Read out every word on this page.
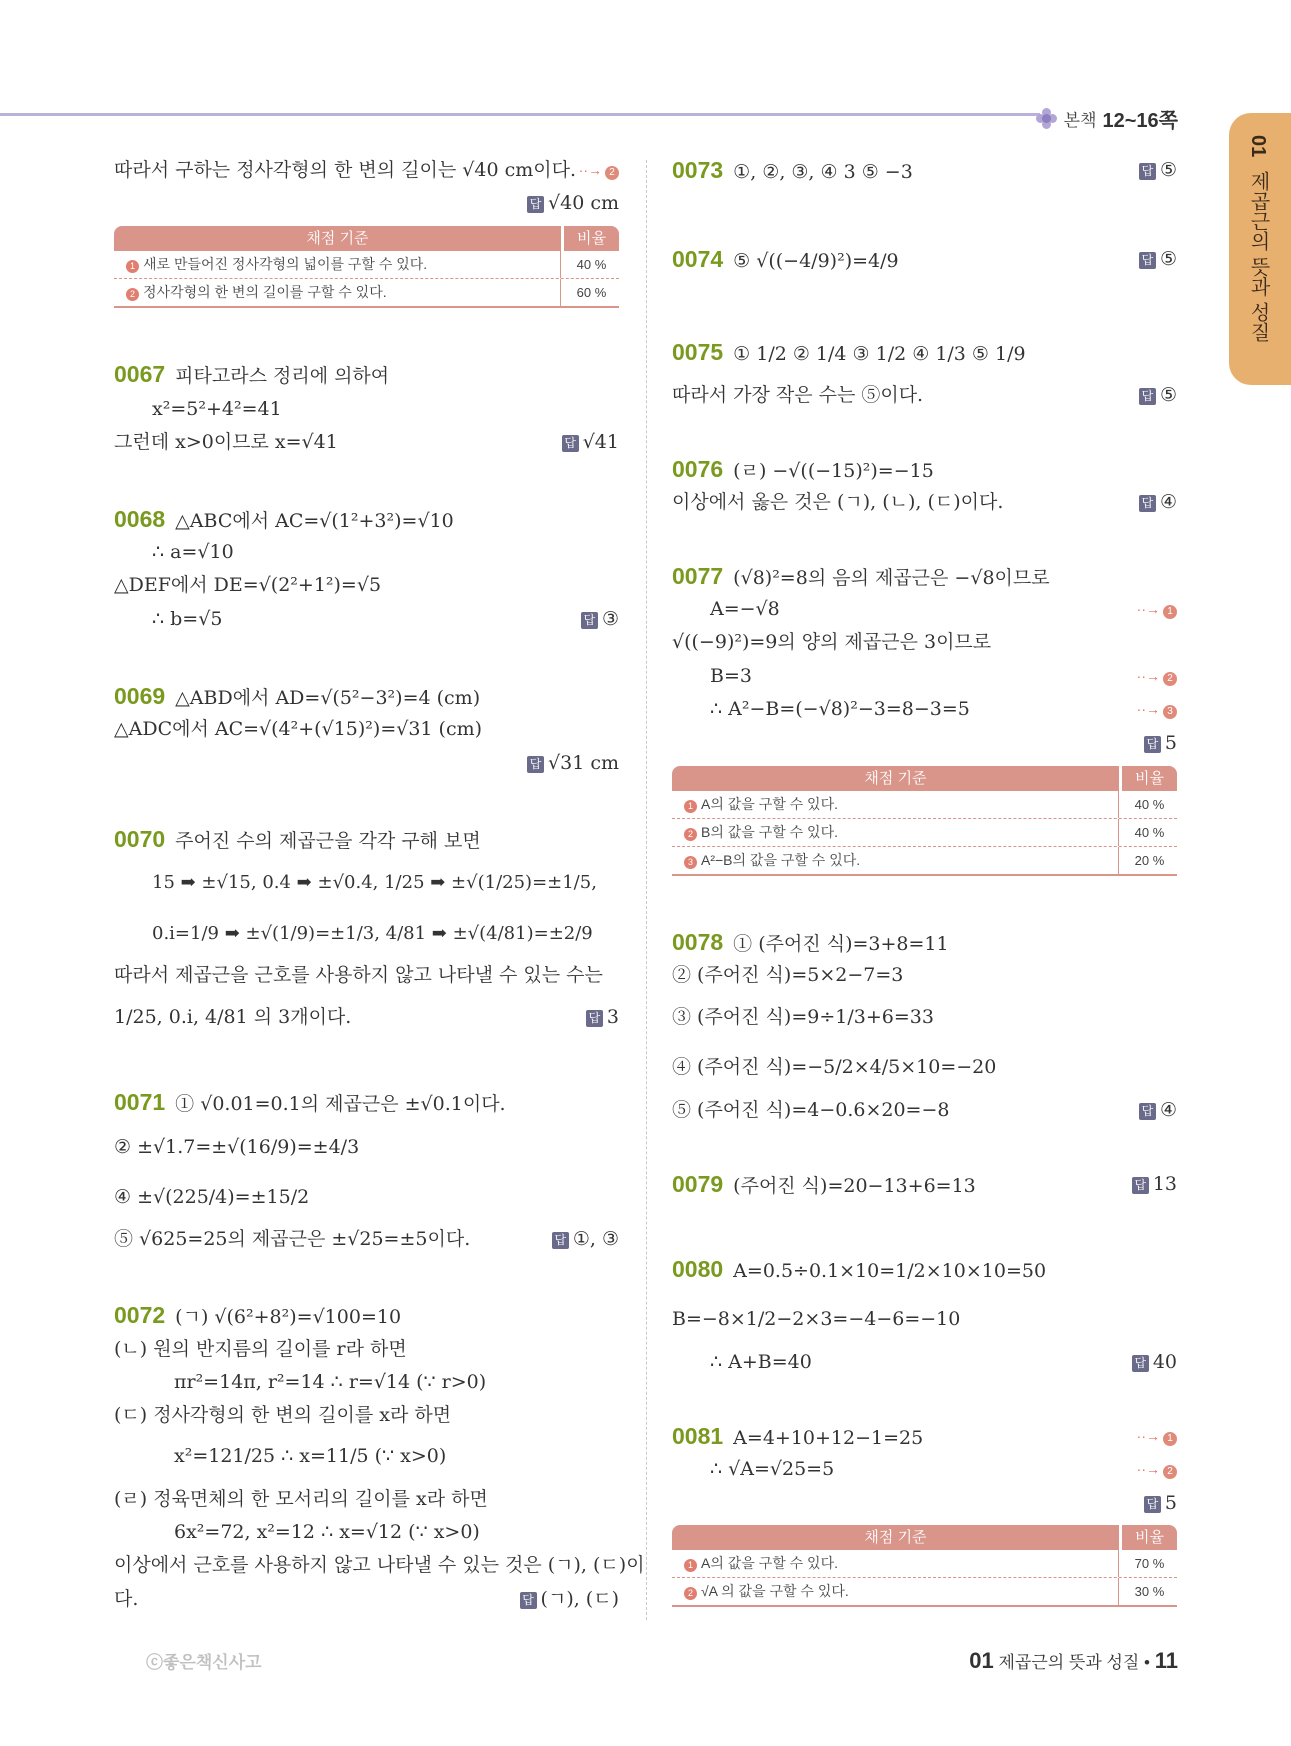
본책 12~16쪽
01 제곱근의 뜻과 성질
따라서 구하는 정사각형의 한 변의 길이는 √40 cm이다. ··→ 2
답 √40 cm
채점 기준	비율
1 새로 만들어진 정사각형의 넓이를 구할 수 있다.	40 %
2 정사각형의 한 변의 길이를 구할 수 있다.	60 %
0067 피타고라스 정리에 의하여
x²=5²+4²=41
그런데 x>0이므로 x=√41	답 √41
0068 △ABC에서 AC=√(1²+3²)=√10
∴ a=√10
△DEF에서 DE=√(2²+1²)=√5
∴ b=√5	답 ③
0069 △ABD에서 AD=√(5²−3²)=4 (cm)
△ADC에서 AC=√(4²+(√15)²)=√31 (cm)
답 √31 cm
0070 주어진 수의 제곱근을 각각 구해 보면
15 ➡ ±√15, 0.4 ➡ ±√0.4, 1/25 ➡ ±√(1/25)=±1/5,
0.i=1/9 ➡ ±√(1/9)=±1/3, 4/81 ➡ ±√(4/81)=±2/9
따라서 제곱근을 근호를 사용하지 않고 나타낼 수 있는 수는
1/25, 0.i, 4/81 의 3개이다.	답 3
0071 ① √0.01=0.1의 제곱근은 ±√0.1이다.
② ±√1.7=±√(16/9)=±4/3
④ ±√(225/4)=±15/2
⑤ √625=25의 제곱근은 ±√25=±5이다.	답 ①, ③
0072 (ㄱ) √(6²+8²)=√100=10
(ㄴ) 원의 반지름의 길이를 r라 하면
πr²=14π, r²=14 ∴ r=√14 (∵ r>0)
(ㄷ) 정사각형의 한 변의 길이를 x라 하면
x²=121/25 ∴ x=11/5 (∵ x>0)
(ㄹ) 정육면체의 한 모서리의 길이를 x라 하면
6x²=72, x²=12 ∴ x=√12 (∵ x>0)
이상에서 근호를 사용하지 않고 나타낼 수 있는 것은 (ㄱ), (ㄷ)이
다.	답 (ㄱ), (ㄷ)
0073 ①, ②, ③, ④ 3 ⑤ −3	답 ⑤
0074 ⑤ √((−4/9)²)=4/9	답 ⑤
0075 ① 1/2 ② 1/4 ③ 1/2 ④ 1/3 ⑤ 1/9
따라서 가장 작은 수는 ⑤이다.	답 ⑤
0076 (ㄹ) −√((−15)²)=−15
이상에서 옳은 것은 (ㄱ), (ㄴ), (ㄷ)이다.	답 ④
0077 (√8)²=8의 음의 제곱근은 −√8이므로
A=−√8	··→ 1
√((−9)²)=9의 양의 제곱근은 3이므로
B=3	··→ 2
∴ A²−B=(−√8)²−3=8−3=5	··→ 3
답 5
채점 기준	비율
1 A의 값을 구할 수 있다.	40 %
2 B의 값을 구할 수 있다.	40 %
3 A²−B의 값을 구할 수 있다.	20 %
0078 ① (주어진 식)=3+8=11
② (주어진 식)=5×2−7=3
③ (주어진 식)=9÷1/3+6=33
④ (주어진 식)=−5/2×4/5×10=−20
⑤ (주어진 식)=4−0.6×20=−8	답 ④
0079 (주어진 식)=20−13+6=13	답 13
0080 A=0.5÷0.1×10=1/2×10×10=50
B=−8×1/2−2×3=−4−6=−10
∴ A+B=40	답 40
0081 A=4+10+12−1=25	··→ 1
∴ √A=√25=5	··→ 2
답 5
채점 기준	비율
1 A의 값을 구할 수 있다.	70 %
2 √A 의 값을 구할 수 있다.	30 %
ⓒ좋은책신사고	01 제곱근의 뜻과 성질 • 11
